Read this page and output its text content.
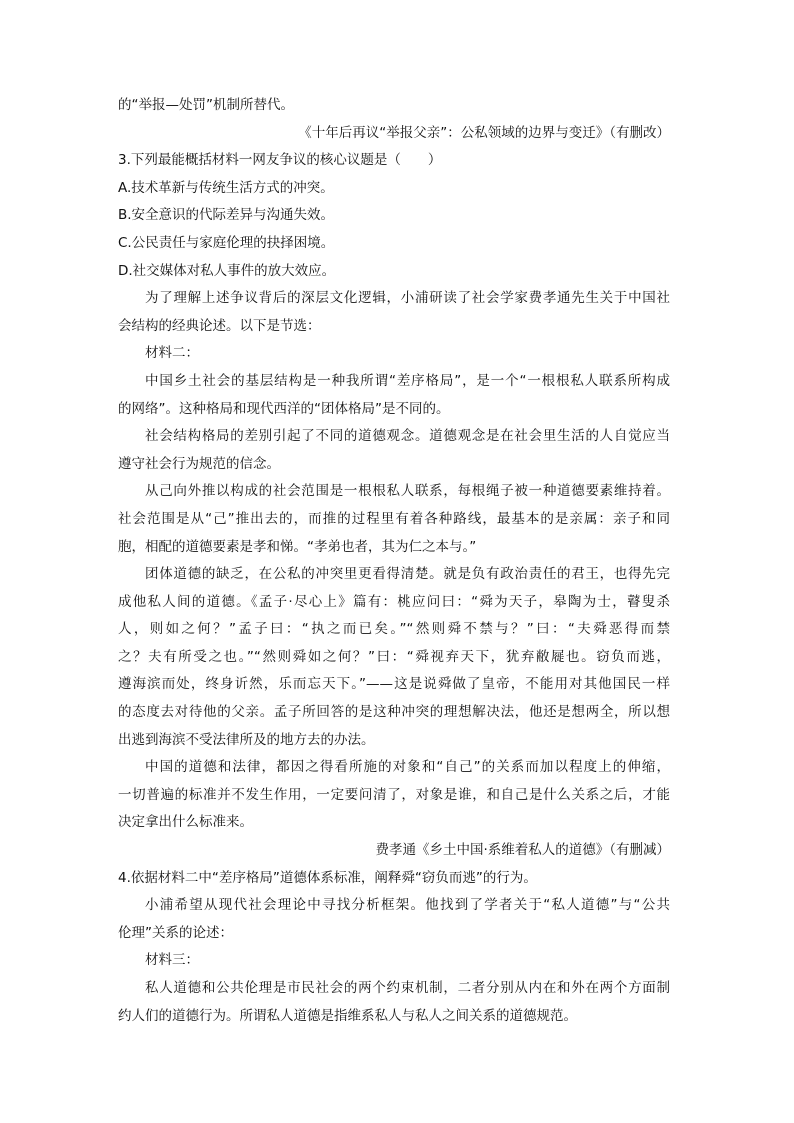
的“举报—处罚”机制所替代。
《十年后再议“举报父亲”：公私领域的边界与变迁》（有删改）
3.下列最能概括材料一网友争议的核心议题是（　　）
A.技术革新与传统生活方式的冲突。
B.安全意识的代际差异与沟通失效。
C.公民责任与家庭伦理的抉择困境。
D.社交媒体对私人事件的放大效应。
为了理解上述争议背后的深层文化逻辑，小浦研读了社会学家费孝通先生关于中国社
会结构的经典论述。以下是节选：
材料二：
中国乡土社会的基层结构是一种我所谓“差序格局”，是一个“一根根私人联系所构成
的网络”。这种格局和现代西洋的“团体格局”是不同的。
社会结构格局的差别引起了不同的道德观念。道德观念是在社会里生活的人自觉应当
遵守社会行为规范的信念。
从己向外推以构成的社会范围是一根根私人联系，每根绳子被一种道德要素维持着。
社会范围是从“己”推出去的，而推的过程里有着各种路线，最基本的是亲属：亲子和同
胞，相配的道德要素是孝和悌。“孝弟也者，其为仁之本与。”
团体道德的缺乏，在公私的冲突里更看得清楚。就是负有政治责任的君王，也得先完
成他私人间的道德。《孟子·尽心上》篇有：桃应问曰：“舜为天子，皋陶为士，瞽叟杀
人，则如之何？”孟子曰：“执之而已矣。”“然则舜不禁与？”曰：“夫舜恶得而禁
之？夫有所受之也。”“然则舜如之何？”曰：“舜视弃天下，犹弃敝屣也。窃负而逃，
遵海滨而处，终身䜣然，乐而忘天下。”——这是说舜做了皇帝，不能用对其他国民一样
的态度去对待他的父亲。孟子所回答的是这种冲突的理想解决法，他还是想两全，所以想
出逃到海滨不受法律所及的地方去的办法。
中国的道德和法律，都因之得看所施的对象和“自己”的关系而加以程度上的伸缩，
一切普遍的标准并不发生作用，一定要问清了，对象是谁，和自己是什么关系之后，才能
决定拿出什么标准来。
费孝通《乡土中国·系维着私人的道德》（有删减）
4.依据材料二中“差序格局”道德体系标准，阐释舜“窃负而逃”的行为。
小浦希望从现代社会理论中寻找分析框架。他找到了学者关于“私人道德”与“公共
伦理”关系的论述：
材料三：
私人道德和公共伦理是市民社会的两个约束机制，二者分别从内在和外在两个方面制
约人们的道德行为。所谓私人道德是指维系私人与私人之间关系的道德规范。
